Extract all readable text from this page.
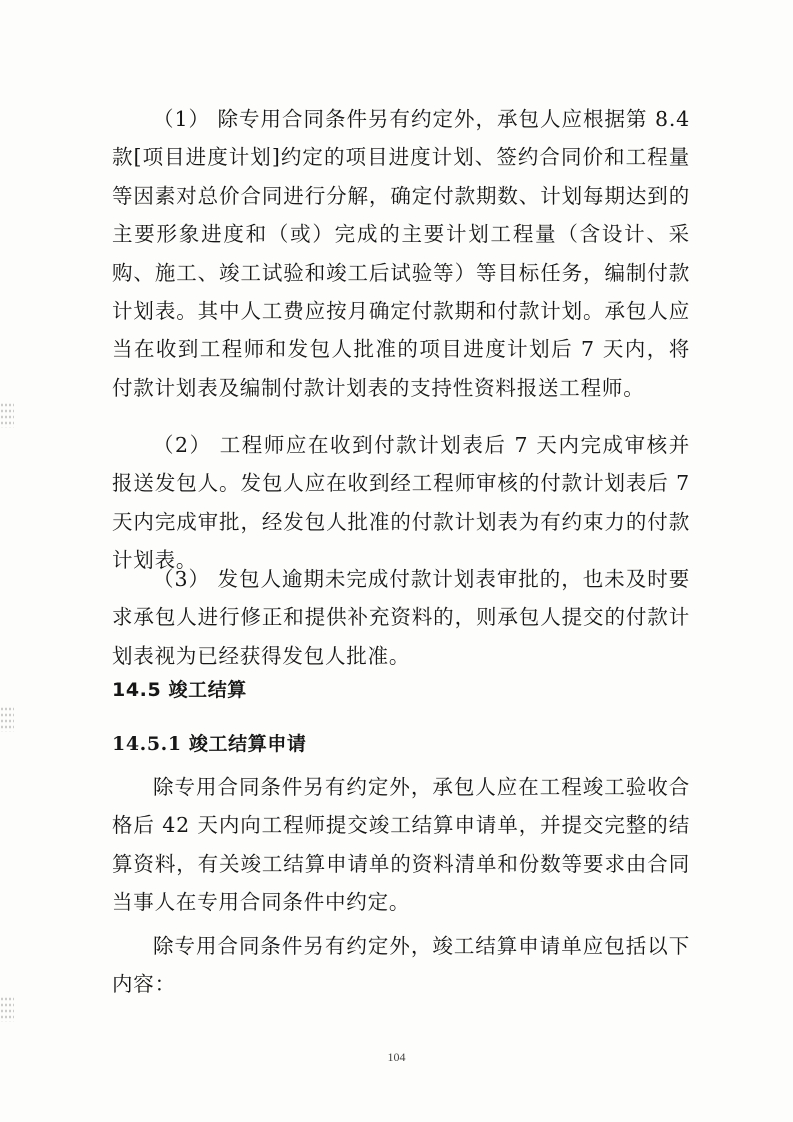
（1） 除专用合同条件另有约定外，承包人应根据第 8.4 款[项目进度计划]约定的项目进度计划、签约合同价和工程量等因素对总价合同进行分解，确定付款期数、计划每期达到的主要形象进度和（或）完成的主要计划工程量（含设计、采购、施工、竣工试验和竣工后试验等）等目标任务，编制付款计划表。其中人工费应按月确定付款期和付款计划。承包人应当在收到工程师和发包人批准的项目进度计划后 7 天内，将付款计划表及编制付款计划表的支持性资料报送工程师。

（2） 工程师应在收到付款计划表后 7 天内完成审核并报送发包人。发包人应在收到经工程师审核的付款计划表后 7 天内完成审批，经发包人批准的付款计划表为有约束力的付款计划表。

（3） 发包人逾期未完成付款计划表审批的，也未及时要求承包人进行修正和提供补充资料的，则承包人提交的付款计划表视为已经获得发包人批准。

14.5 竣工结算
14.5.1 竣工结算申请

除专用合同条件另有约定外，承包人应在工程竣工验收合格后 42 天内向工程师提交竣工结算申请单，并提交完整的结算资料，有关竣工结算申请单的资料清单和份数等要求由合同当事人在专用合同条件中约定。

除专用合同条件另有约定外，竣工结算申请单应包括以下内容：

104
